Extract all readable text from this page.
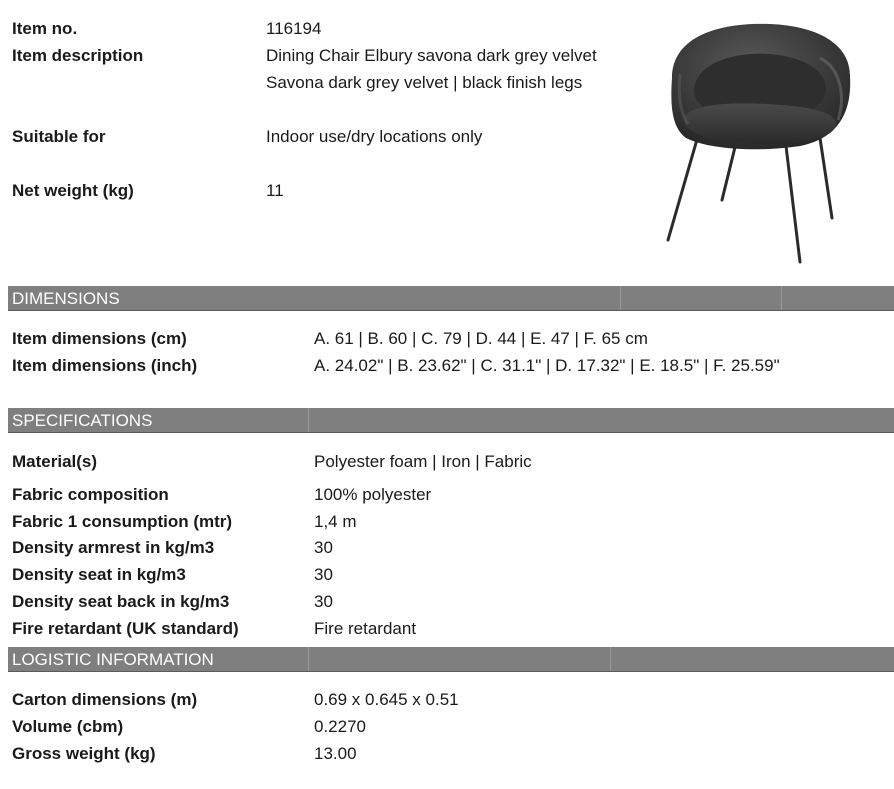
Item no.	116194
Item description	Dining Chair Elbury savona dark grey velvet
Savona dark grey velvet | black finish legs
Suitable for	Indoor use/dry locations only
Net weight (kg)	11
DIMENSIONS
Item dimensions (cm)	A. 61 | B. 60 | C. 79 | D. 44 | E. 47 | F. 65 cm
Item dimensions (inch)	A. 24.02" | B. 23.62" | C. 31.1" | D. 17.32" | E. 18.5" | F. 25.59"
SPECIFICATIONS
Material(s)	Polyester foam | Iron | Fabric
Fabric composition	100% polyester
Fabric 1 consumption (mtr)	1,4 m
Density armrest in kg/m3	30
Density seat in kg/m3	30
Density seat back in kg/m3	30
Fire retardant (UK standard)	Fire retardant
LOGISTIC INFORMATION
Carton dimensions (m)	0.69 x 0.645 x 0.51
Volume (cbm)	0.2270
Gross weight (kg)	13.00
